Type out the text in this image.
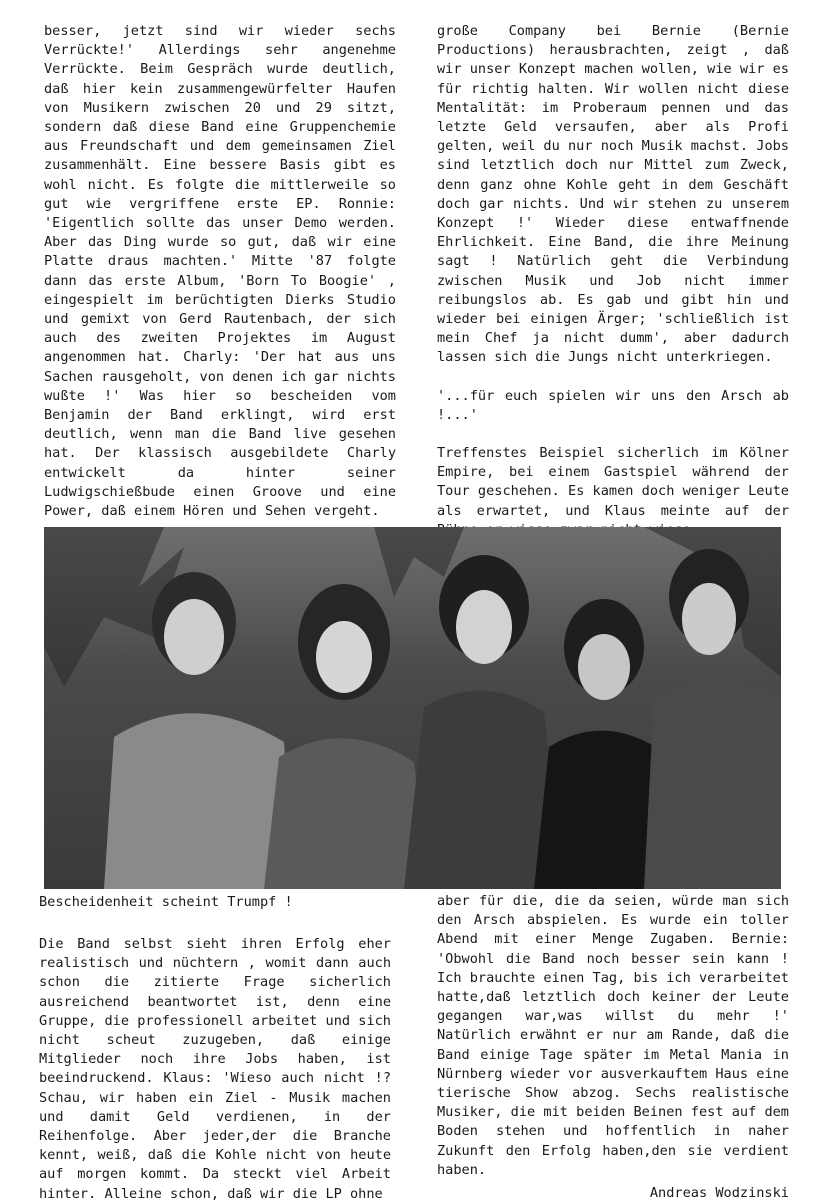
besser, jetzt sind wir wieder sechs Verrückte!' Allerdings sehr angenehme Verrückte. Beim Gespräch wurde deutlich, daß hier kein zusammengewürfelter Haufen von Musikern zwischen 20 und 29 sitzt, sondern daß diese Band eine Gruppenchemie aus Freundschaft und dem gemeinsamen Ziel zusammenhält. Eine bessere Basis gibt es wohl nicht. Es folgte die mittlerweile so gut wie vergriffene erste EP. Ronnie: 'Eigentlich sollte das unser Demo werden. Aber das Ding wurde so gut, daß wir eine Platte draus machten.' Mitte '87 folgte dann das erste Album, 'Born To Boogie' , eingespielt im berüchtigten Dierks Studio und gemixt von Gerd Rautenbach, der sich auch des zweiten Projektes im August angenommen hat. Charly: 'Der hat aus uns Sachen rausgeholt, von denen ich gar nichts wußte !' Was hier so bescheiden vom Benjamin der Band erklingt, wird erst deutlich, wenn man die Band live gesehen hat. Der klassisch ausgebildete Charly entwickelt da hinter seiner Ludwigschießbude einen Groove und eine Power, daß einem Hören und Sehen vergeht.

große Company bei Bernie (Bernie Productions) herausbrachten, zeigt , daß wir unser Konzept machen wollen, wie wir es für richtig halten. Wir wollen nicht diese Mentalität: im Proberaum pennen und das letzte Geld versaufen, aber als Profi gelten, weil du nur noch Musik machst. Jobs sind letztlich doch nur Mittel zum Zweck, denn ganz ohne Kohle geht in dem Geschäft doch gar nichts. Und wir stehen zu unserem Konzept !' Wieder diese entwaffnende Ehrlichkeit. Eine Band, die ihre Meinung sagt ! Natürlich geht die Verbindung zwischen Musik und Job nicht immer reibungslos ab. Es gab und gibt hin und wieder bei einigen Ärger; 'schließlich ist mein Chef ja nicht dumm', aber dadurch lassen sich die Jungs nicht unterkriegen.

'...für euch spielen wir uns den Arsch ab !...'

Treffenstes Beispiel sicherlich im Kölner Empire, bei einem Gastspiel während der Tour geschehen. Es kamen doch weniger Leute als erwartet, und Klaus meinte auf der

Bescheidenheit scheint Trumpf !

Die Band selbst sieht ihren Erfolg eher realistisch und nüchtern , womit dann auch schon die zitierte Frage sicherlich ausreichend beantwortet ist, denn eine Gruppe, die professionell arbeitet und sich nicht scheut zuzugeben, daß einige Mitglieder noch ihre Jobs haben, ist beeindruckend. Klaus: 'Wieso auch nicht !? Schau, wir haben ein Ziel - Musik machen und damit Geld verdienen, in der Reihenfolge. Aber jeder,der die Branche kennt, weiß, daß die Kohle nicht von heute auf morgen kommt. Da steckt viel Arbeit hinter. Alleine schon, daß wir die LP ohne

aber für die, die da seien, würde man sich den Arsch abspielen. Es wurde ein toller Abend mit einer Menge Zugaben. Bernie: 'Obwohl die Band noch besser sein kann ! Ich brauchte einen Tag, bis ich verarbeitet hatte,daß letztlich doch keiner der Leute gegangen war,was willst du mehr !' Natürlich erwähnt er nur am Rande, daß die Band einige Tage später im Metal Mania in Nürnberg wieder vor ausverkauftem Haus eine tierische Show abzog. Sechs realistische Musiker, die mit beiden Beinen fest auf dem Boden stehen und hoffentlich in naher Zukunft den Erfolg haben,den sie verdient haben.

Andreas Wodzinski
